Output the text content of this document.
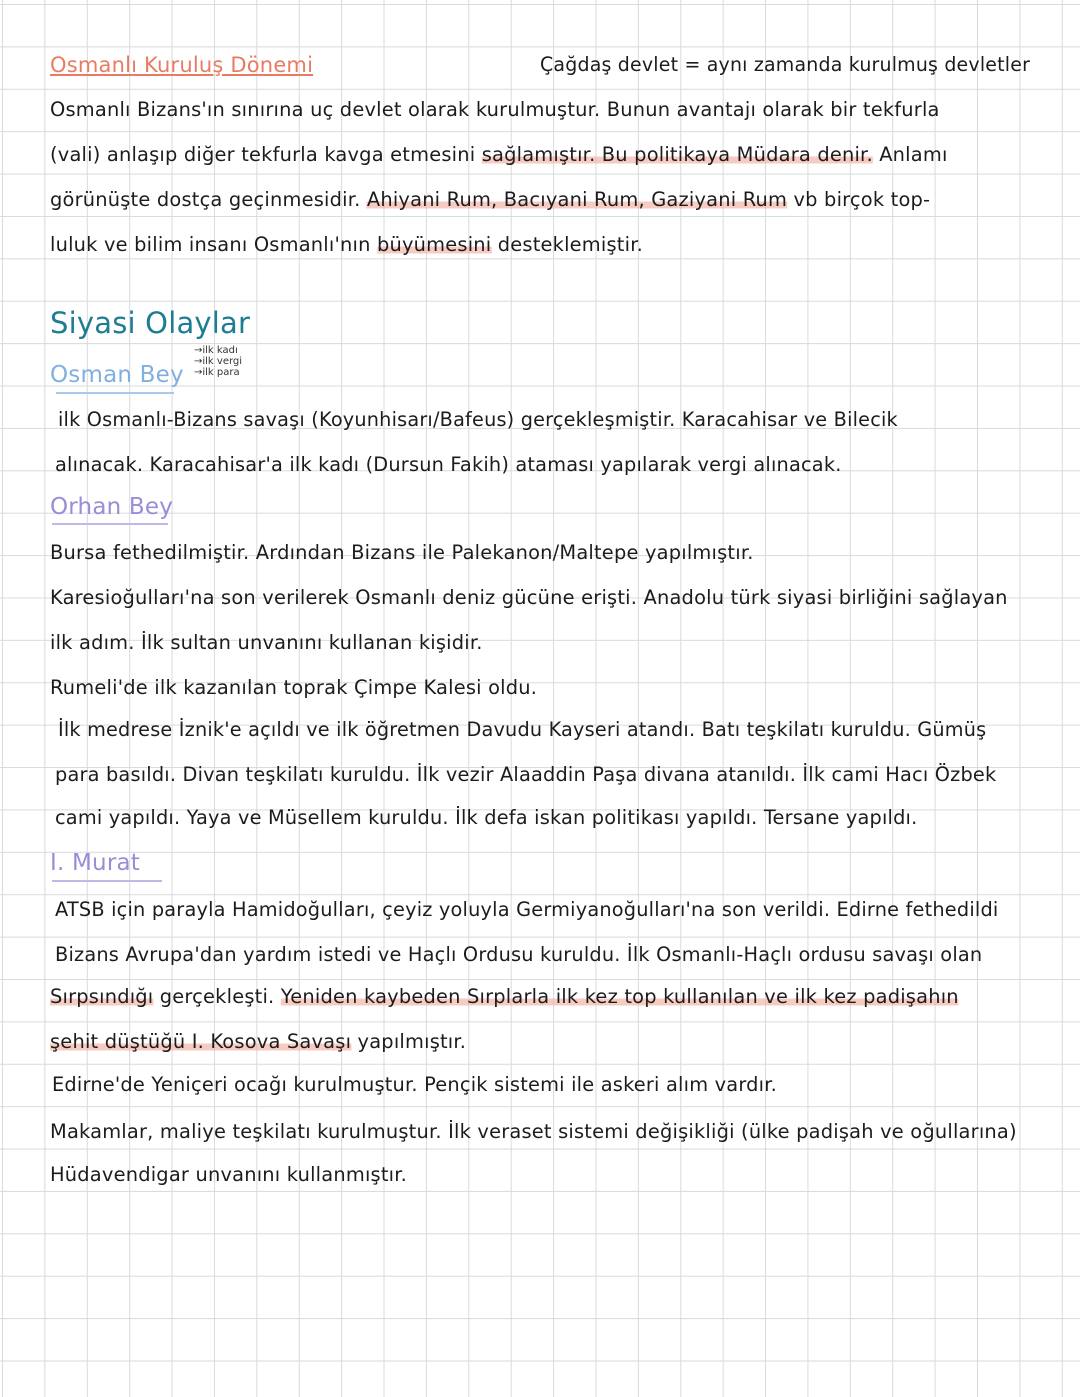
Osmanlı Kuruluş Dönemi	Çağdaş devlet = aynı zamanda kurulmuş devletler
Osmanlı Bizans'ın sınırına uç devlet olarak kurulmuştur. Bunun avantajı olarak bir tekfurla
(vali) anlaşıp diğer tekfurla kavga etmesini sağlamıştır. Bu politikaya Müdara denir. Anlamı
görünüşte dostça geçinmesidir. Ahiyani Rum, Bacıyani Rum, Gaziyani Rum vb birçok top-
luluk ve bilim insanı Osmanlı'nın büyümesini desteklemiştir.
Siyasi Olaylar
Osman Bey
→ilk kadı
→ilk vergi
→ilk para
ilk Osmanlı-Bizans savaşı (Koyunhisarı/Bafeus) gerçekleşmiştir. Karacahisar ve Bilecik
alınacak. Karacahisar'a ilk kadı (Dursun Fakih) ataması yapılarak vergi alınacak.
Orhan Bey
Bursa fethedilmiştir. Ardından Bizans ile Palekanon/Maltepe yapılmıştır.
Karesioğulları'na son verilerek Osmanlı deniz gücüne erişti. Anadolu türk siyasi birliğini sağlayan
ilk adım. İlk sultan unvanını kullanan kişidir.
Rumeli'de ilk kazanılan toprak Çimpe Kalesi oldu.
İlk medrese İznik'e açıldı ve ilk öğretmen Davudu Kayseri atandı. Batı teşkilatı kuruldu. Gümüş
para basıldı. Divan teşkilatı kuruldu. İlk vezir Alaaddin Paşa divana atanıldı. İlk cami Hacı Özbek
cami yapıldı. Yaya ve Müsellem kuruldu. İlk defa iskan politikası yapıldı. Tersane yapıldı.
I. Murat
ATSB için parayla Hamidoğulları, çeyiz yoluyla Germiyanoğulları'na son verildi. Edirne fethedildi
Bizans Avrupa'dan yardım istedi ve Haçlı Ordusu kuruldu. İlk Osmanlı-Haçlı ordusu savaşı olan
Sırpsındığı gerçekleşti. Yeniden kaybeden Sırplarla ilk kez top kullanılan ve ilk kez padişahın
şehit düştüğü I. Kosova Savaşı yapılmıştır.
Edirne'de Yeniçeri ocağı kurulmuştur. Pençik sistemi ile askeri alım vardır.
Makamlar, maliye teşkilatı kurulmuştur. İlk veraset sistemi değişikliği (ülke padişah ve oğullarına)
Hüdavendigar unvanını kullanmıştır.
